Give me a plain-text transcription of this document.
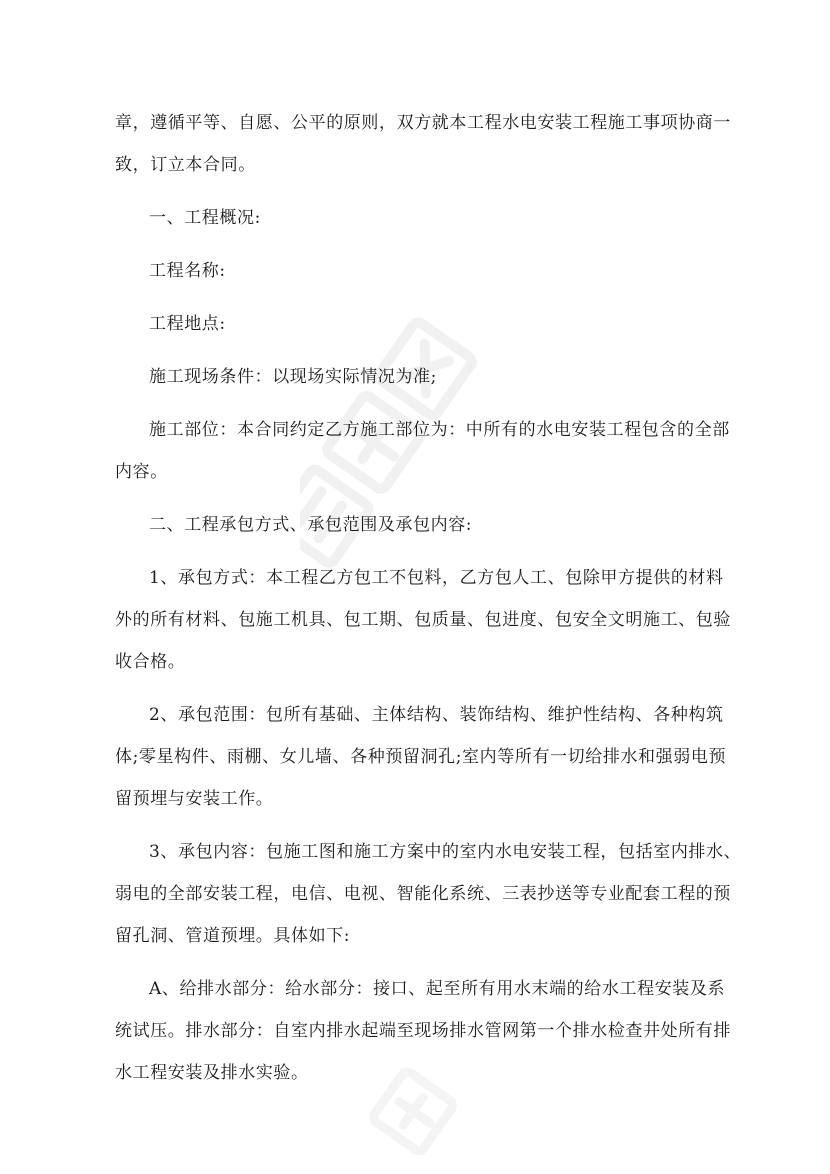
章，遵循平等、自愿、公平的原则，双方就本工程水电安装工程施工事项协商一
致，订立本合同。

一、工程概况:

工程名称:

工程地点:

施工现场条件：以现场实际情况为准;

施工部位：本合同约定乙方施工部位为：中所有的水电安装工程包含的全部
内容。

二、工程承包方式、承包范围及承包内容:

1、承包方式：本工程乙方包工不包料，乙方包人工、包除甲方提供的材料
外的所有材料、包施工机具、包工期、包质量、包进度、包安全文明施工、包验
收合格。

2、承包范围：包所有基础、主体结构、装饰结构、维护性结构、各种构筑
体;零星构件、雨棚、女儿墙、各种预留洞孔;室内等所有一切给排水和强弱电预
留预埋与安装工作。

3、承包内容：包施工图和施工方案中的室内水电安装工程，包括室内排水、
弱电的全部安装工程，电信、电视、智能化系统、三表抄送等专业配套工程的预
留孔洞、管道预埋。具体如下:

A、给排水部分：给水部分：接口、起至所有用水末端的给水工程安装及系
统试压。排水部分：自室内排水起端至现场排水管网第一个排水检查井处所有排
水工程安装及排水实验。
